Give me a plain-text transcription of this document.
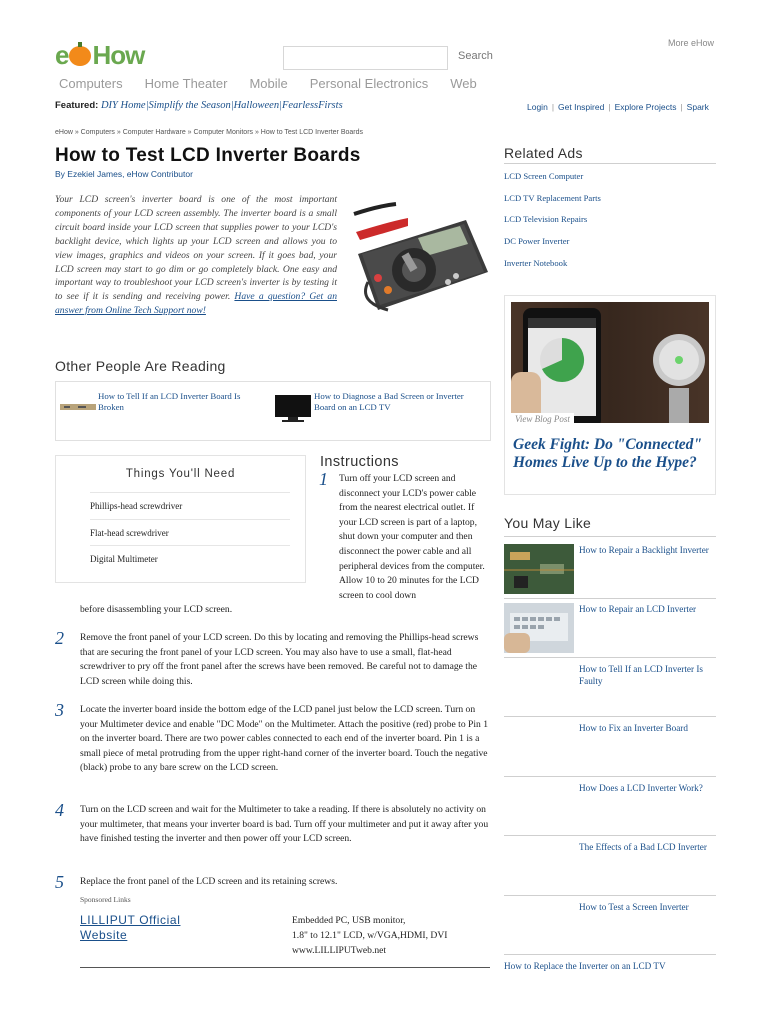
e How	Search
More eHow
Computers Home Theater Mobile Personal Electronics Web
Featured: DIY Home|Simplify the Season|Halloween|FearlessFirsts	Login | Get Inspired | Explore Projects | Spark
eHow » Computers » Computer Hardware » Computer Monitors » How to Test LCD Inverter Boards
How to Test LCD Inverter Boards
By Ezekiel James, eHow Contributor
Your LCD screen's inverter board is one of the most important components of your LCD screen assembly. The inverter board is a small circuit board inside your LCD screen that supplies power to your LCD's backlight device, which lights up your LCD screen and allows you to view images, graphics and videos on your screen. If it goes bad, your LCD screen may start to go dim or go completely black. One easy and important way to troubleshoot your LCD screen's inverter is by testing it to see if it is sending and receiving power. Have a question? Get an answer from Online Tech Support now!
Other People Are Reading
How to Tell If an LCD Inverter Board Is Broken
How to Diagnose a Bad Screen or Inverter Board on an LCD TV
Things You'll Need
Phillips-head screwdriver
Flat-head screwdriver
Digital Multimeter
Instructions
1 Turn off your LCD screen and disconnect your LCD's power cable from the nearest electrical outlet. If your LCD screen is part of a laptop, shut down your computer and then disconnect the power cable and all peripheral devices from the computer. Allow 10 to 20 minutes for the LCD screen to cool down
before disassembling your LCD screen.
2 Remove the front panel of your LCD screen. Do this by locating and removing the Phillips-head screws that are securing the front panel of your LCD screen. You may also have to use a small, flat-head screwdriver to pry off the front panel after the screws have been removed. Be careful not to damage the LCD screen while doing this.
3 Locate the inverter board inside the bottom edge of the LCD panel just below the LCD screen. Turn on your Multimeter device and enable "DC Mode" on the Multimeter. Attach the positive (red) probe to Pin 1 on the inverter board. There are two power cables connected to each end of the inverter board. Pin 1 is a small piece of metal protruding from the upper right-hand corner of the inverter board. Touch the negative (black) probe to any bare screw on the LCD screen.
4 Turn on the LCD screen and wait for the Multimeter to take a reading. If there is absolutely no activity on your multimeter, that means your inverter board is bad. Turn off your multimeter and put it away after you have finished testing the inverter and then power off your LCD screen.
5 Replace the front panel of the LCD screen and its retaining screws.
Sponsored Links
LILLIPUT Official Website
Embedded PC, USB monitor,
1.8" to 12.1" LCD, w/VGA,HDMI, DVI
www.LILLIPUTweb.net
Related Ads
LCD Screen Computer
LCD TV Replacement Parts
LCD Television Repairs
DC Power Inverter
Inverter Notebook
View Blog Post
Geek Fight: Do "Connected" Homes Live Up to the Hype?
You May Like
How to Repair a Backlight Inverter
How to Repair an LCD Inverter
How to Tell If an LCD Inverter Is Faulty
How to Fix an Inverter Board
How Does a LCD Inverter Work?
The Effects of a Bad LCD Inverter
How to Test a Screen Inverter
How to Replace the Inverter on an LCD TV
